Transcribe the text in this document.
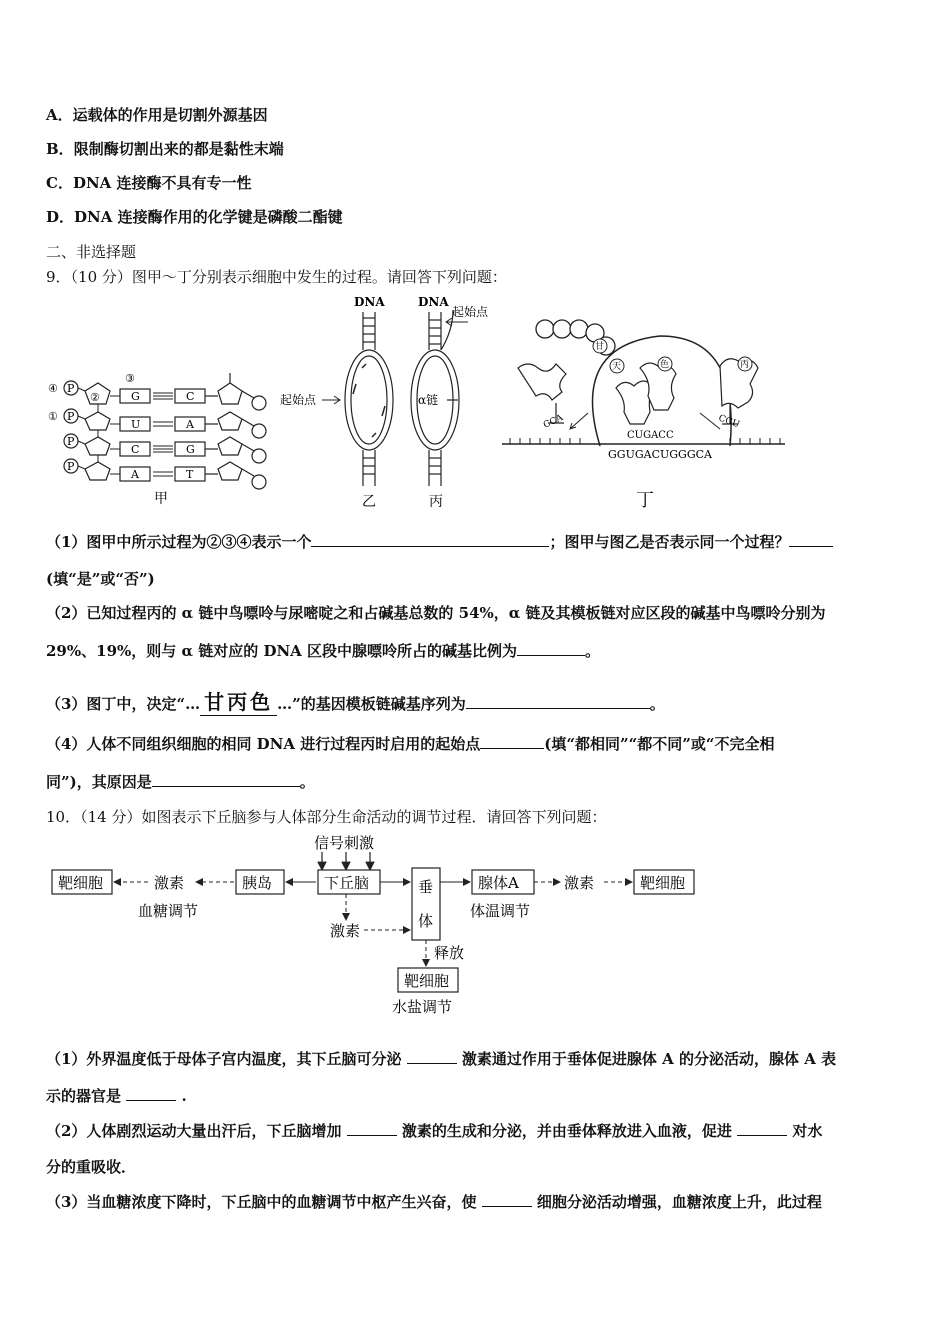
A．运载体的作用是切割外源基因
B．限制酶切割出来的都是黏性末端
C．DNA 连接酶不具有专一性
D．DNA 连接酶作用的化学键是磷酸二酯键
二、非选择题
9．（10 分）图甲～丁分别表示细胞中发生的过程。请回答下列问题：
④
①
③
P
P
P
P
②	G
U
C
A
C
A
G
T
甲
DNA
起始点
乙
DNA
起始点
α链
丙
甘
天	色	丙
CCA	CGU
CUGACC
GGUGACUGGGCA
丁
（1）图甲中所示过程为②③④表示一个	；图甲与图乙是否表示同一个过程？
(填“是”或“否”)
（2）已知过程丙的 α 链中鸟嘌呤与尿嘧啶之和占碱基总数的 54%，α 链及其模板链对应区段的碱基中鸟嘌呤分别为
29%、19%，则与 α 链对应的 DNA 区段中腺嘌呤所占的碱基比例为	。
（3）图丁中，决定“… 甘丙色 …”的基因模板链碱基序列为	。
（4）人体不同组织细胞的相同 DNA 进行过程丙时启用的起始点	(填“都相同”“都不同”或“不完全相
同”)，其原因是	。
10．（14 分）如图表示下丘脑参与人体部分生命活动的调节过程．请回答下列问题：
信号刺激
靶细胞	激素
血糖调节
胰岛	下丘脑
激素
垂
体
腺体A
体温调节
激素	靶细胞
释放
靶细胞
水盐调节
（1）外界温度低于母体子宫内温度，其下丘脑可分泌	激素通过作用于垂体促进腺体 A 的分泌活动，腺体 A 表
示的器官是	.
（2）人体剧烈运动大量出汗后，下丘脑增加	激素的生成和分泌，并由垂体释放进入血液，促进	对水
分的重吸收．
（3）当血糖浓度下降时，下丘脑中的血糖调节中枢产生兴奋，使	细胞分泌活动增强，血糖浓度上升，此过程
